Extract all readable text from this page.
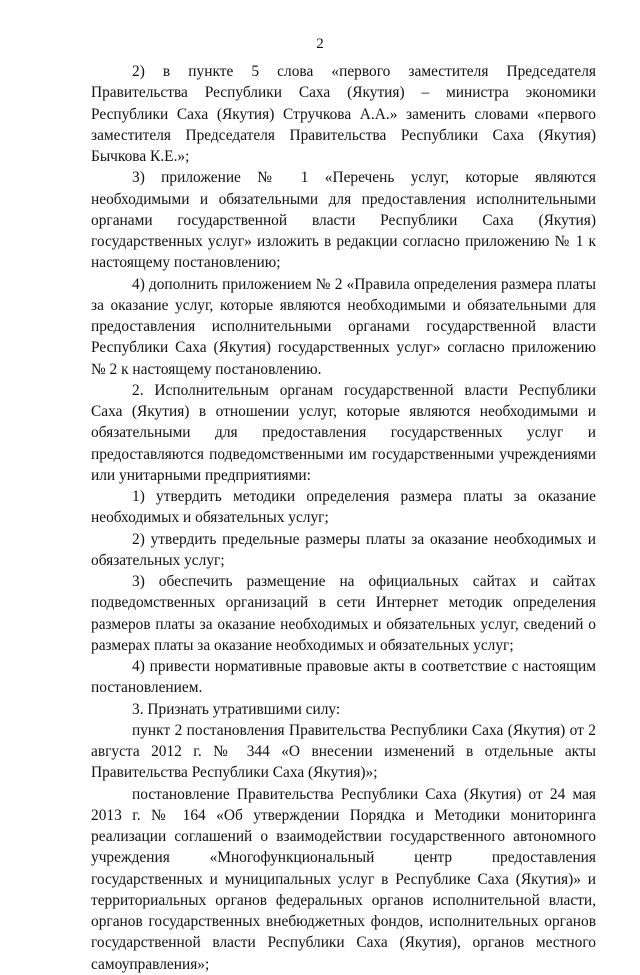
2

2) в пункте 5 слова «первого заместителя Председателя Правительства Республики Саха (Якутия) – министра экономики Республики Саха (Якутия) Стручкова А.А.» заменить словами «первого заместителя Председателя Правительства Республики Саха (Якутия) Бычкова К.Е.»;

3) приложение № 1 «Перечень услуг, которые являются необходимыми и обязательными для предоставления исполнительными органами государственной власти Республики Саха (Якутия) государственных услуг» изложить в редакции согласно приложению № 1 к настоящему постановлению;

4) дополнить приложением № 2 «Правила определения размера платы за оказание услуг, которые являются необходимыми и обязательными для предоставления исполнительными органами государственной власти Республики Саха (Якутия) государственных услуг» согласно приложению № 2 к настоящему постановлению.

2. Исполнительным органам государственной власти Республики Саха (Якутия) в отношении услуг, которые являются необходимыми и обязательными для предоставления государственных услуг и предоставляются подведомственными им государственными учреждениями или унитарными предприятиями:

1) утвердить методики определения размера платы за оказание необходимых и обязательных услуг;

2) утвердить предельные размеры платы за оказание необходимых и обязательных услуг;

3) обеспечить размещение на официальных сайтах и сайтах подведомственных организаций в сети Интернет методик определения размеров платы за оказание необходимых и обязательных услуг, сведений о размерах платы за оказание необходимых и обязательных услуг;

4) привести нормативные правовые акты в соответствие с настоящим постановлением.

3. Признать утратившими силу:

пункт 2 постановления Правительства Республики Саха (Якутия) от 2 августа 2012 г. № 344 «О внесении изменений в отдельные акты Правительства Республики Саха (Якутия)»;

постановление Правительства Республики Саха (Якутия) от 24 мая 2013 г. № 164 «Об утверждении Порядка и Методики мониторинга реализации соглашений о взаимодействии государственного автономного учреждения «Многофункциональный центр предоставления государственных и муниципальных услуг в Республике Саха (Якутия)» и территориальных органов федеральных органов исполнительной власти, органов государственных внебюджетных фондов, исполнительных органов государственной власти Республики Саха (Якутия), органов местного самоуправления»;
